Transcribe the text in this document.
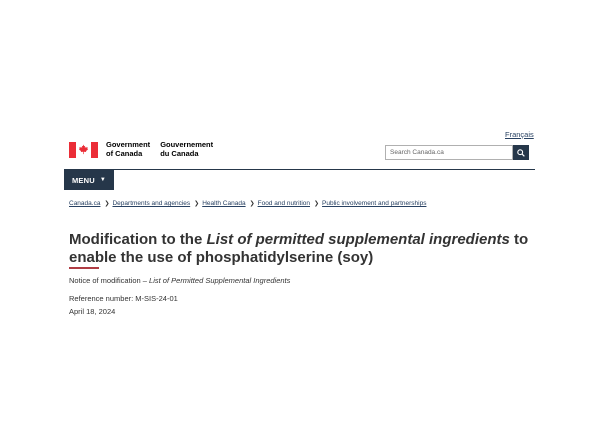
Français
Government
of Canada
Gouvernement
du Canada
Search Canada.ca
MENU ▼
Canada.ca ❯ Departments and agencies ❯ Health Canada ❯ Food and nutrition ❯ Public involvement and partnerships
Modification to the List of permitted supplemental ingredients to enable the use of phosphatidylserine (soy)

Notice of modification – List of Permitted Supplemental Ingredients

Reference number: M-SIS-24-01

April 18, 2024
